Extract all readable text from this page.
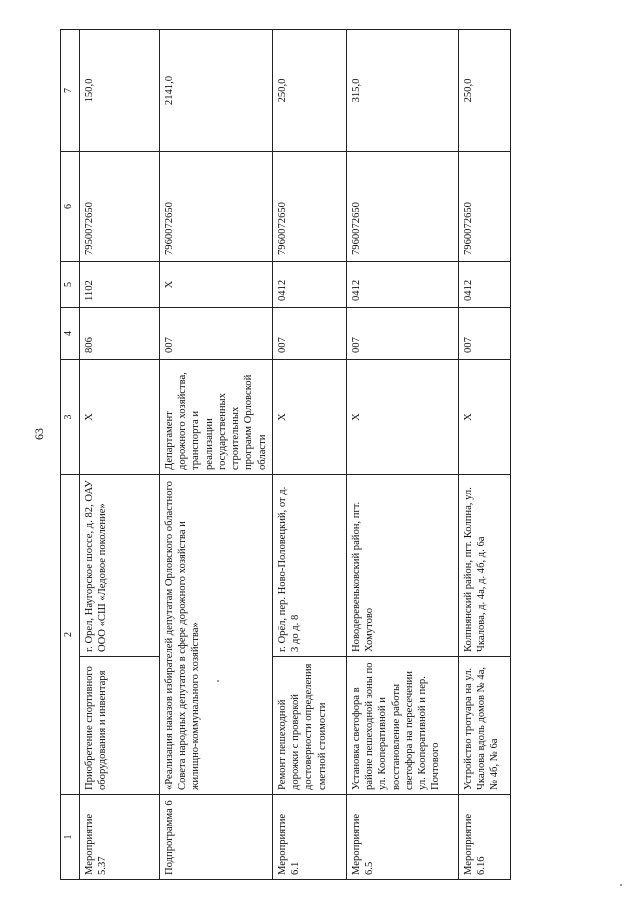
63
1	2		3	4	5	6	7
Мероприятие 5.37	Приобретение спортивного оборудования и инвентаря	г. Орел, Наугорское шоссе, д. 82, ОАУ ООО «СШ «Ледовое поколение»	Х	806	1102	7950072650	150,0
Подпрограмма 6	«Реализация наказов избирателей депутатам Орловского областного Совета народных депутатов в сфере дорожного хозяйства и жилищно-коммунального хозяйства»		Департамент дорожного хозяйства, транспорта и реализации государственных строительных программ Орловской области	007	Х	7960072650	2141,0
Мероприятие 6.1	Ремонт пешеходной дорожки с проверкой достоверности определения сметной стоимости	г. Орёл, пер. Ново-Половецкий, от д. 3 до д. 8	Х	007	0412	7960072650	250,0
Мероприятие 6.5	Установка светофора в районе пешеходной зоны по ул. Кооперативной и восстановление работы светофора на пересечении ул. Кооперативной и пер. Почтового	Новодеревеньковский район, пгт. Хомутово	Х	007	0412	7960072650	315,0
Мероприятие 6.16	Устройство тротуара на ул. Чкалова вдоль домов № 4а, № 4б, № 6а	Колпнянский район, пгт. Колпна, ул. Чкалова, д. 4а, д. 4б, д. 6а	Х	007	0412	7960072650	250,0
